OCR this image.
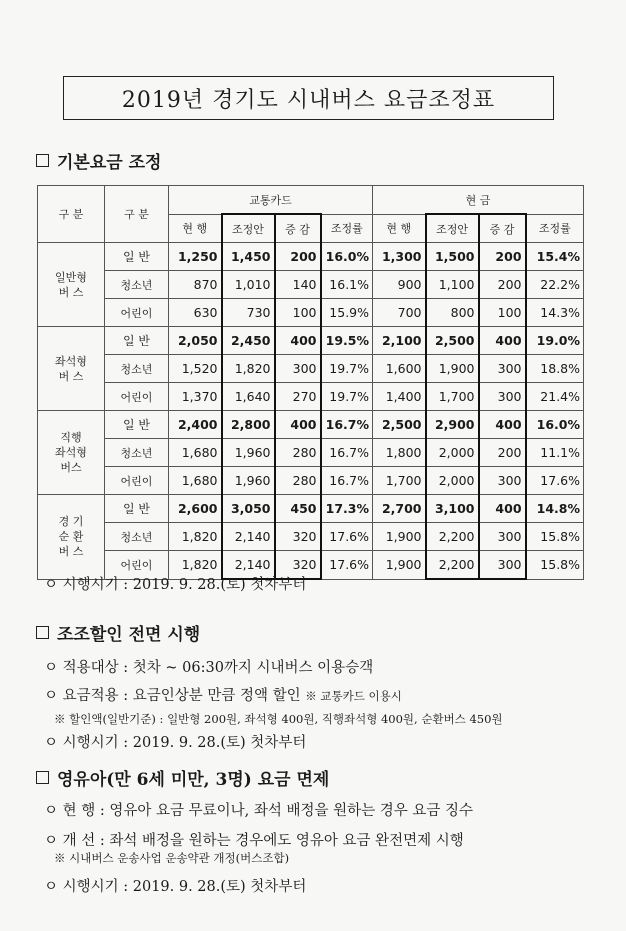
2019년 경기도 시내버스 요금조정표
기본요금 조정
구 분	구 분	교통카드				현 금			
		현 행	조정안	증 감	조정률	현 행	조정안	증 감	조정률

일반형
버 스	일 반	1,250	1,450	200	16.0%	1,300	1,500	200	15.4%
	청소년	870	1,010	140	16.1%	900	1,100	200	22.2%
	어린이	630	730	100	15.9%	700	800	100	14.3%

좌석형
버 스	일 반	2,050	2,450	400	19.5%	2,100	2,500	400	19.0%
	청소년	1,520	1,820	300	19.7%	1,600	1,900	300	18.8%
	어린이	1,370	1,640	270	19.7%	1,400	1,700	300	21.4%

직행
좌석형
버스	일 반	2,400	2,800	400	16.7%	2,500	2,900	400	16.0%
	청소년	1,680	1,960	280	16.7%	1,800	2,000	200	11.1%
	어린이	1,680	1,960	280	16.7%	1,700	2,000	300	17.6%

경 기
순 환
버 스	일 반	2,600	3,050	450	17.3%	2,700	3,100	400	14.8%
	청소년	1,820	2,140	320	17.6%	1,900	2,200	300	15.8%
	어린이	1,820	2,140	320	17.6%	1,900	2,200	300	15.8%
ㅇ 시행시기 : 2019. 9. 28.(토) 첫차부터
조조할인 전면 시행
ㅇ 적용대상 : 첫차 ~ 06:30까지 시내버스 이용승객
ㅇ 요금적용 : 요금인상분 만큼 정액 할인 ※ 교통카드 이용시
※ 할인액(일반기준) : 일반형 200원, 좌석형 400원, 직행좌석형 400원, 순환버스 450원
ㅇ 시행시기 : 2019. 9. 28.(토) 첫차부터
영유아(만 6세 미만, 3명) 요금 면제
ㅇ 현 행 : 영유아 요금 무료이나, 좌석 배정을 원하는 경우 요금 징수
ㅇ 개 선 : 좌석 배정을 원하는 경우에도 영유아 요금 완전면제 시행
※ 시내버스 운송사업 운송약관 개정(버스조합)
ㅇ 시행시기 : 2019. 9. 28.(토) 첫차부터
